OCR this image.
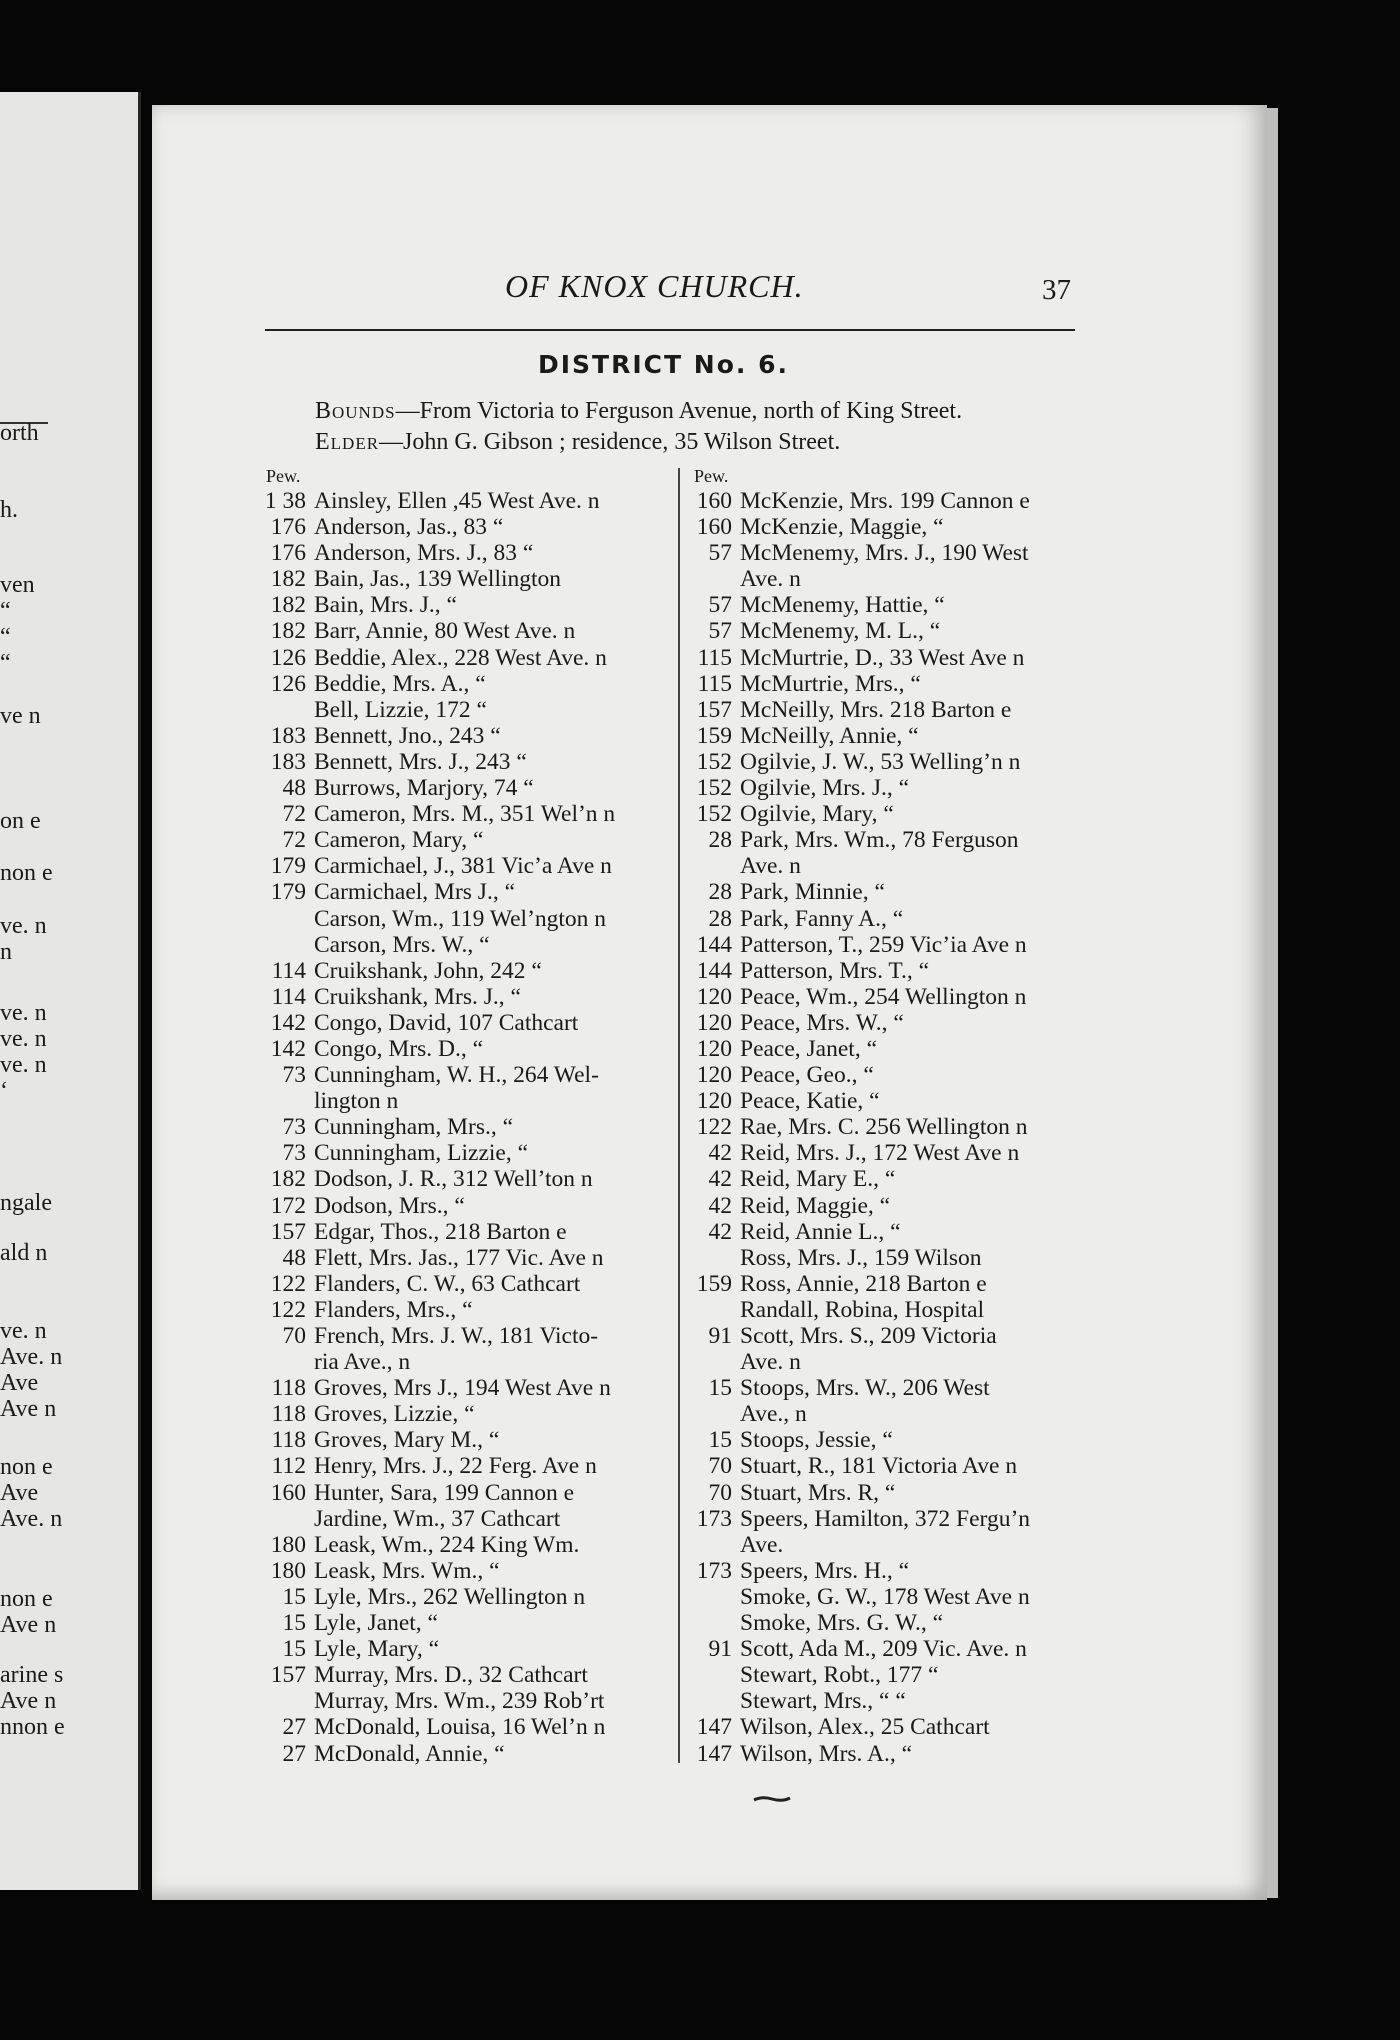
orth
h.
ven
“
“
“
ve n
on e
non e
ve. n
n
ve. n
ve. n
ve. n
‘
ngale
ald n
ve. n
Ave. n
Ave
Ave n
non e
Ave
Ave. n
non e
Ave n
arine s
Ave n
nnon e
OF KNOX CHURCH.	37
DISTRICT No. 6.
Bounds—From Victoria to Ferguson Avenue, north of King Street.
Elder—John G. Gibson ; residence, 35 Wilson Street.
Pew.	Pew.
1 38 Ainsley, Ellen ,45 West Ave. n
176 Anderson, Jas., 83 “
176 Anderson, Mrs. J., 83 “
182 Bain, Jas., 139 Wellington
182 Bain, Mrs. J., “
182 Barr, Annie, 80 West Ave. n
126 Beddie, Alex., 228 West Ave. n
126 Beddie, Mrs. A., “
Bell, Lizzie, 172 “
183 Bennett, Jno., 243 “
183 Bennett, Mrs. J., 243 “
48 Burrows, Marjory, 74 “
72 Cameron, Mrs. M., 351 Wel’n n
72 Cameron, Mary, “
179 Carmichael, J., 381 Vic’a Ave n
179 Carmichael, Mrs J., “
Carson, Wm., 119 Wel’ngton n
Carson, Mrs. W., “
114 Cruikshank, John, 242 “
114 Cruikshank, Mrs. J., “
142 Congo, David, 107 Cathcart
142 Congo, Mrs. D., “
73 Cunningham, W. H., 264 Wel-
lington n
73 Cunningham, Mrs., “
73 Cunningham, Lizzie, “
182 Dodson, J. R., 312 Well’ton n
172 Dodson, Mrs., “
157 Edgar, Thos., 218 Barton e
48 Flett, Mrs. Jas., 177 Vic. Ave n
122 Flanders, C. W., 63 Cathcart
122 Flanders, Mrs., “
70 French, Mrs. J. W., 181 Victo-
ria Ave., n
118 Groves, Mrs J., 194 West Ave n
118 Groves, Lizzie, “
118 Groves, Mary M., “
112 Henry, Mrs. J., 22 Ferg. Ave n
160 Hunter, Sara, 199 Cannon e
Jardine, Wm., 37 Cathcart
180 Leask, Wm., 224 King Wm.
180 Leask, Mrs. Wm., “
15 Lyle, Mrs., 262 Wellington n
15 Lyle, Janet, “
15 Lyle, Mary, “
157 Murray, Mrs. D., 32 Cathcart
Murray, Mrs. Wm., 239 Rob’rt
27 McDonald, Louisa, 16 Wel’n n
27 McDonald, Annie, “
160 McKenzie, Mrs. 199 Cannon e
160 McKenzie, Maggie, “
57 McMenemy, Mrs. J., 190 West
Ave. n
57 McMenemy, Hattie, “
57 McMenemy, M. L., “
115 McMurtrie, D., 33 West Ave n
115 McMurtrie, Mrs., “
157 McNeilly, Mrs. 218 Barton e
159 McNeilly, Annie, “
152 Ogilvie, J. W., 53 Welling’n n
152 Ogilvie, Mrs. J., “
152 Ogilvie, Mary, “
28 Park, Mrs. Wm., 78 Ferguson
Ave. n
28 Park, Minnie, “
28 Park, Fanny A., “
144 Patterson, T., 259 Vic’ia Ave n
144 Patterson, Mrs. T., “
120 Peace, Wm., 254 Wellington n
120 Peace, Mrs. W., “
120 Peace, Janet, “
120 Peace, Geo., “
120 Peace, Katie, “
122 Rae, Mrs. C. 256 Wellington n
42 Reid, Mrs. J., 172 West Ave n
42 Reid, Mary E., “
42 Reid, Maggie, “
42 Reid, Annie L., “
Ross, Mrs. J., 159 Wilson
159 Ross, Annie, 218 Barton e
Randall, Robina, Hospital
91 Scott, Mrs. S., 209 Victoria
Ave. n
15 Stoops, Mrs. W., 206 West
Ave., n
15 Stoops, Jessie, “
70 Stuart, R., 181 Victoria Ave n
70 Stuart, Mrs. R, “
173 Speers, Hamilton, 372 Fergu’n
Ave.
173 Speers, Mrs. H., “
Smoke, G. W., 178 West Ave n
Smoke, Mrs. G. W., “
91 Scott, Ada M., 209 Vic. Ave. n
Stewart, Robt., 177 “
Stewart, Mrs., “ “
147 Wilson, Alex., 25 Cathcart
147 Wilson, Mrs. A., “
